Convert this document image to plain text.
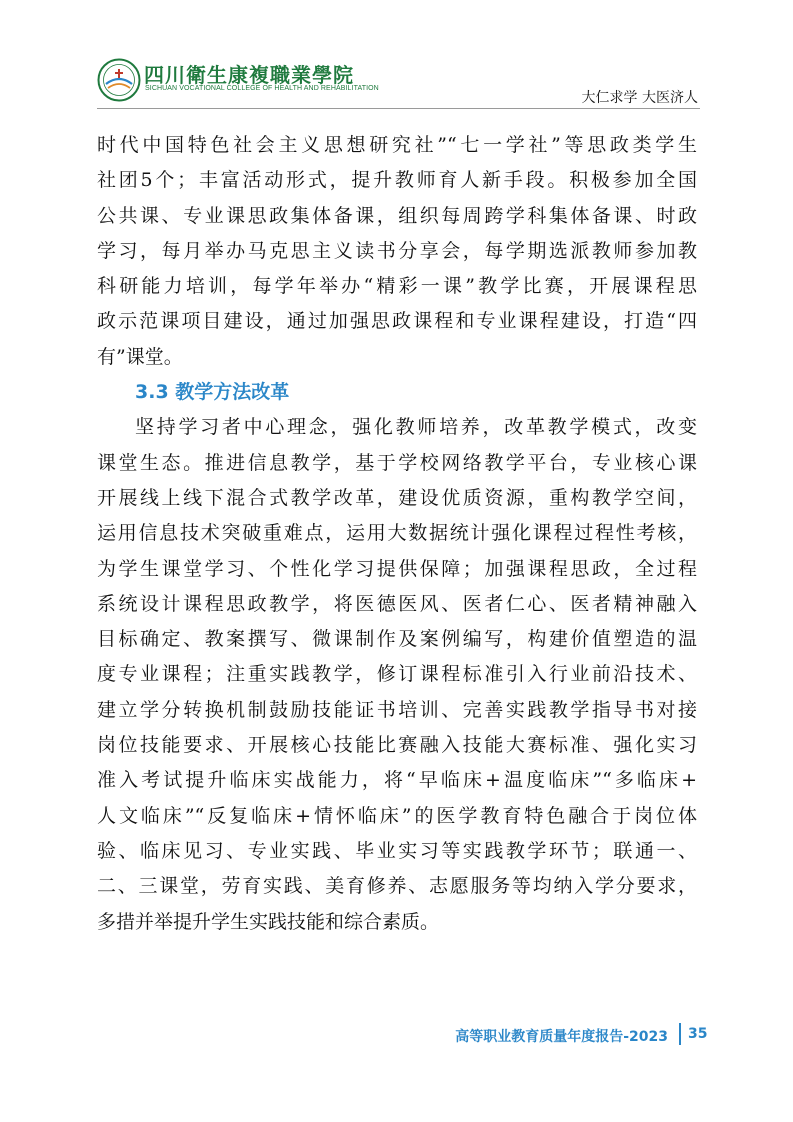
四川衛生康複職業學院
SICHUAN VOCATIONAL COLLEGE OF HEALTH AND REHABILITATION
大仁求学 大医济人
时代中国特色社会主义思想研究社”“七一学社”等思政类学生
社团5个；丰富活动形式，提升教师育人新手段。积极参加全国
公共课、专业课思政集体备课，组织每周跨学科集体备课、时政
学习，每月举办马克思主义读书分享会，每学期选派教师参加教
科研能力培训，每学年举办“精彩一课”教学比赛，开展课程思
政示范课项目建设，通过加强思政课程和专业课程建设，打造“四
有”课堂。
3.3 教学方法改革
坚持学习者中心理念，强化教师培养，改革教学模式，改变
课堂生态。推进信息教学，基于学校网络教学平台，专业核心课
开展线上线下混合式教学改革，建设优质资源，重构教学空间，
运用信息技术突破重难点，运用大数据统计强化课程过程性考核，
为学生课堂学习、个性化学习提供保障；加强课程思政，全过程
系统设计课程思政教学，将医德医风、医者仁心、医者精神融入
目标确定、教案撰写、微课制作及案例编写，构建价值塑造的温
度专业课程；注重实践教学，修订课程标准引入行业前沿技术、
建立学分转换机制鼓励技能证书培训、完善实践教学指导书对接
岗位技能要求、开展核心技能比赛融入技能大赛标准、强化实习
准入考试提升临床实战能力，将“早临床+温度临床”“多临床+
人文临床”“反复临床+情怀临床”的医学教育特色融合于岗位体
验、临床见习、专业实践、毕业实习等实践教学环节；联通一、
二、三课堂，劳育实践、美育修养、志愿服务等均纳入学分要求，
多措并举提升学生实践技能和综合素质。
高等职业教育质量年度报告-2023 35
